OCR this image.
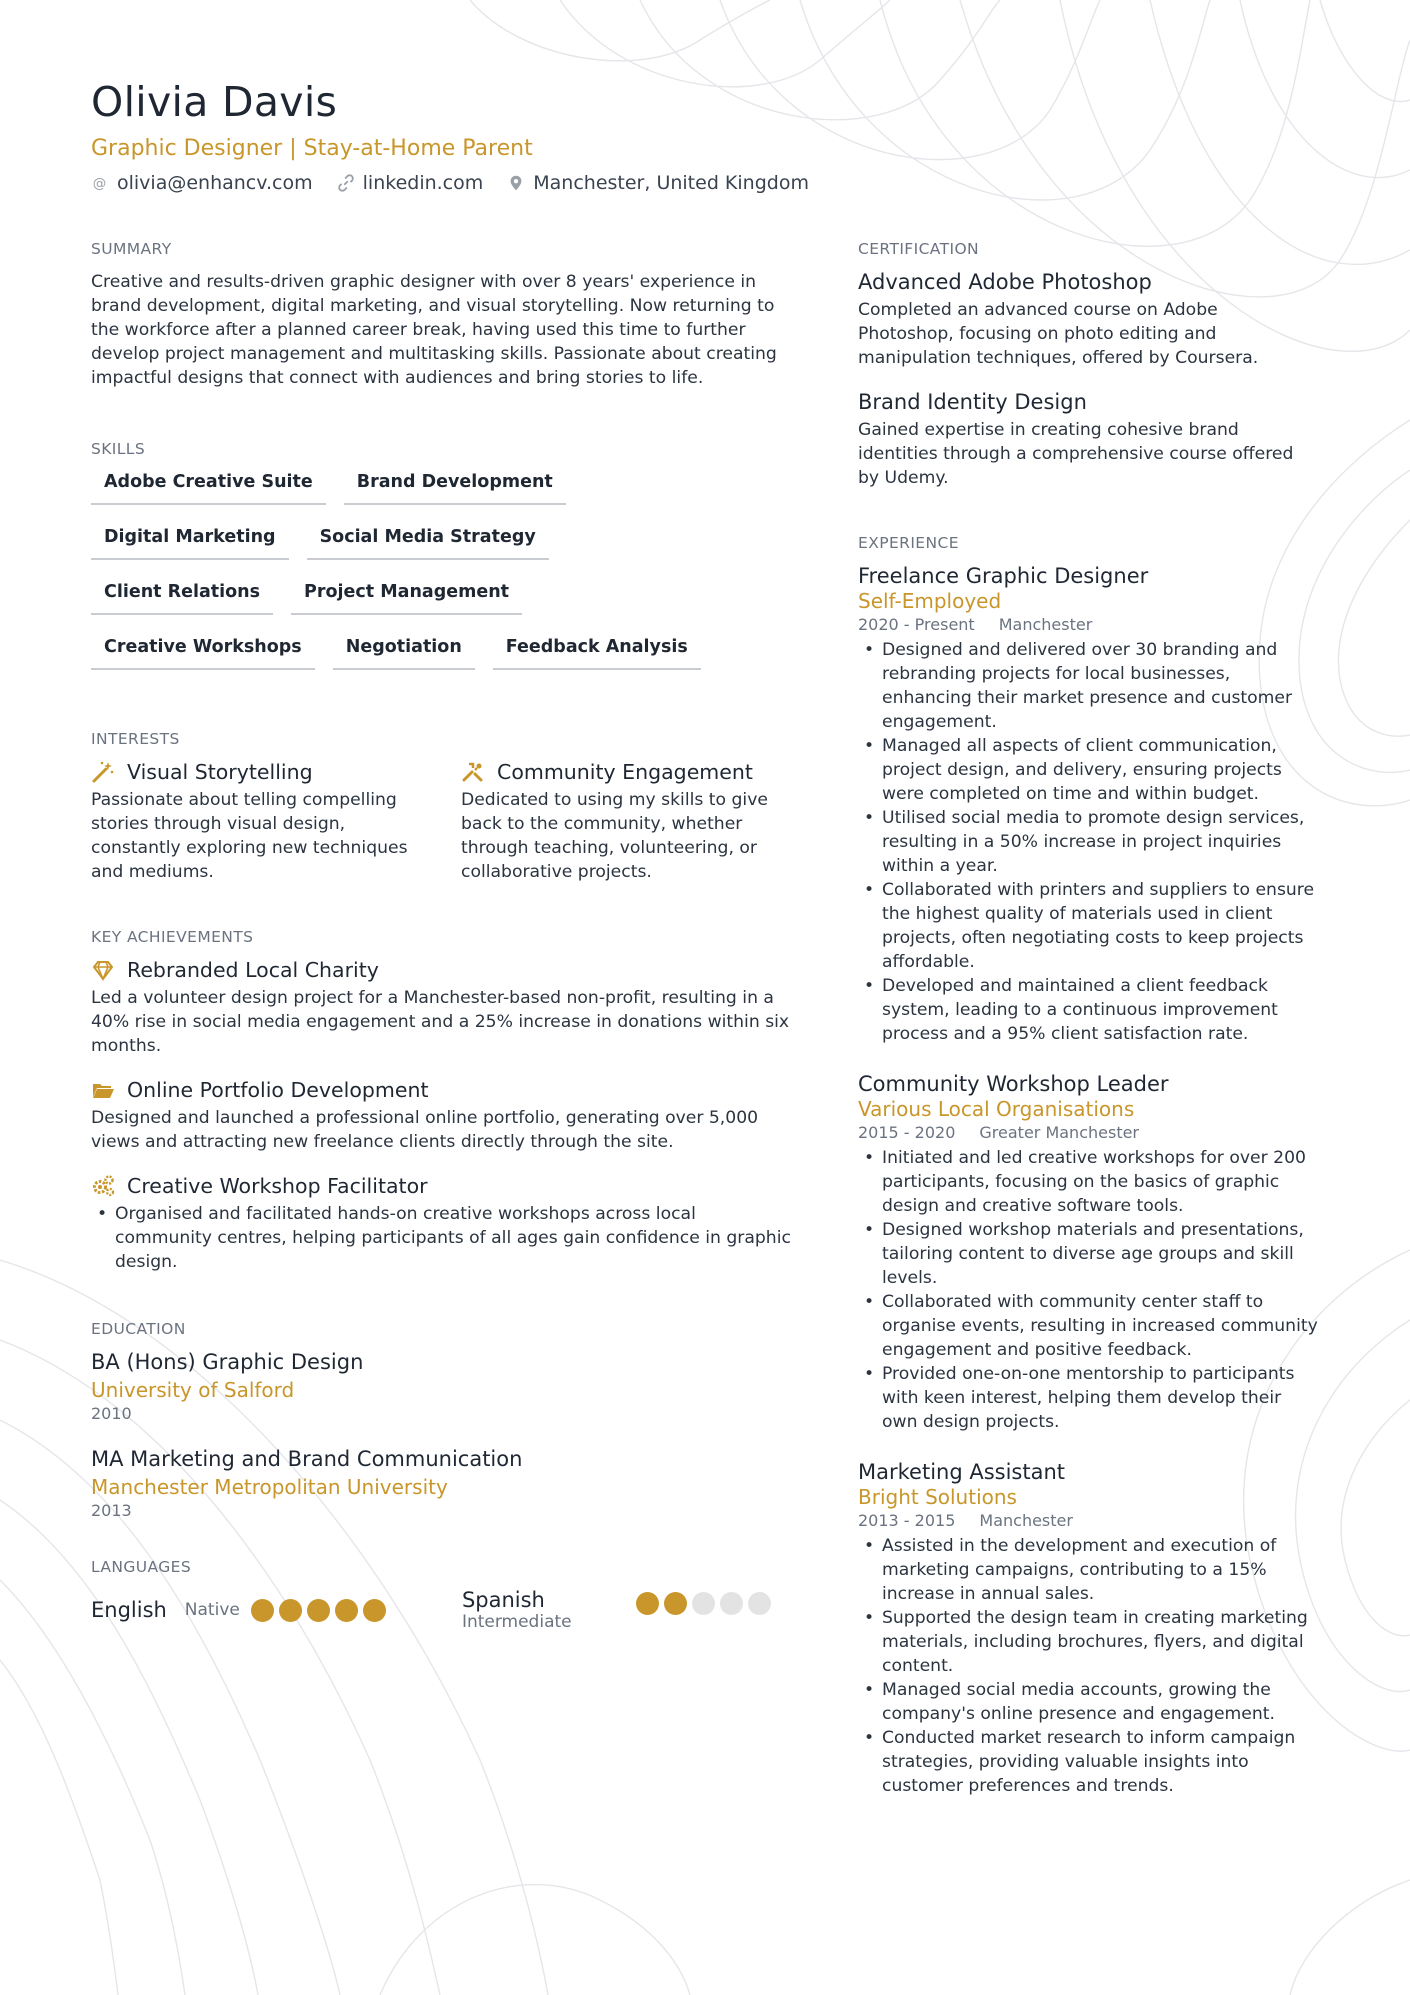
Olivia Davis
Graphic Designer | Stay-at-Home Parent
@ olivia@enhancv.com	linkedin.com	Manchester, United Kingdom
SUMMARY
Creative and results-driven graphic designer with over 8 years' experience in brand development, digital marketing, and visual storytelling. Now returning to the workforce after a planned career break, having used this time to further develop project management and multitasking skills. Passionate about creating impactful designs that connect with audiences and bring stories to life.
SKILLS
Adobe Creative Suite	Brand Development
Digital Marketing	Social Media Strategy
Client Relations	Project Management
Creative Workshops	Negotiation	Feedback Analysis
INTERESTS
Visual Storytelling
Passionate about telling compelling stories through visual design, constantly exploring new techniques and mediums.
Community Engagement
Dedicated to using my skills to give back to the community, whether through teaching, volunteering, or collaborative projects.
KEY ACHIEVEMENTS
Rebranded Local Charity
Led a volunteer design project for a Manchester-based non-profit, resulting in a 40% rise in social media engagement and a 25% increase in donations within six months.
Online Portfolio Development
Designed and launched a professional online portfolio, generating over 5,000 views and attracting new freelance clients directly through the site.
Creative Workshop Facilitator
• Organised and facilitated hands-on creative workshops across local community centres, helping participants of all ages gain confidence in graphic design.
EDUCATION
BA (Hons) Graphic Design
University of Salford
2010
MA Marketing and Brand Communication
Manchester Metropolitan University
2013
LANGUAGES
English	Native	Spanish
Intermediate
CERTIFICATION
Advanced Adobe Photoshop
Completed an advanced course on Adobe Photoshop, focusing on photo editing and manipulation techniques, offered by Coursera.
Brand Identity Design
Gained expertise in creating cohesive brand identities through a comprehensive course offered by Udemy.
EXPERIENCE
Freelance Graphic Designer
Self-Employed
2020 - Present Manchester
• Designed and delivered over 30 branding and rebranding projects for local businesses, enhancing their market presence and customer engagement.
• Managed all aspects of client communication, project design, and delivery, ensuring projects were completed on time and within budget.
• Utilised social media to promote design services, resulting in a 50% increase in project inquiries within a year.
• Collaborated with printers and suppliers to ensure the highest quality of materials used in client projects, often negotiating costs to keep projects affordable.
• Developed and maintained a client feedback system, leading to a continuous improvement process and a 95% client satisfaction rate.
Community Workshop Leader
Various Local Organisations
2015 - 2020 Greater Manchester
• Initiated and led creative workshops for over 200 participants, focusing on the basics of graphic design and creative software tools.
• Designed workshop materials and presentations, tailoring content to diverse age groups and skill levels.
• Collaborated with community center staff to organise events, resulting in increased community engagement and positive feedback.
• Provided one-on-one mentorship to participants with keen interest, helping them develop their own design projects.
Marketing Assistant
Bright Solutions
2013 - 2015 Manchester
• Assisted in the development and execution of marketing campaigns, contributing to a 15% increase in annual sales.
• Supported the design team in creating marketing materials, including brochures, flyers, and digital content.
• Managed social media accounts, growing the company's online presence and engagement.
• Conducted market research to inform campaign strategies, providing valuable insights into customer preferences and trends.
